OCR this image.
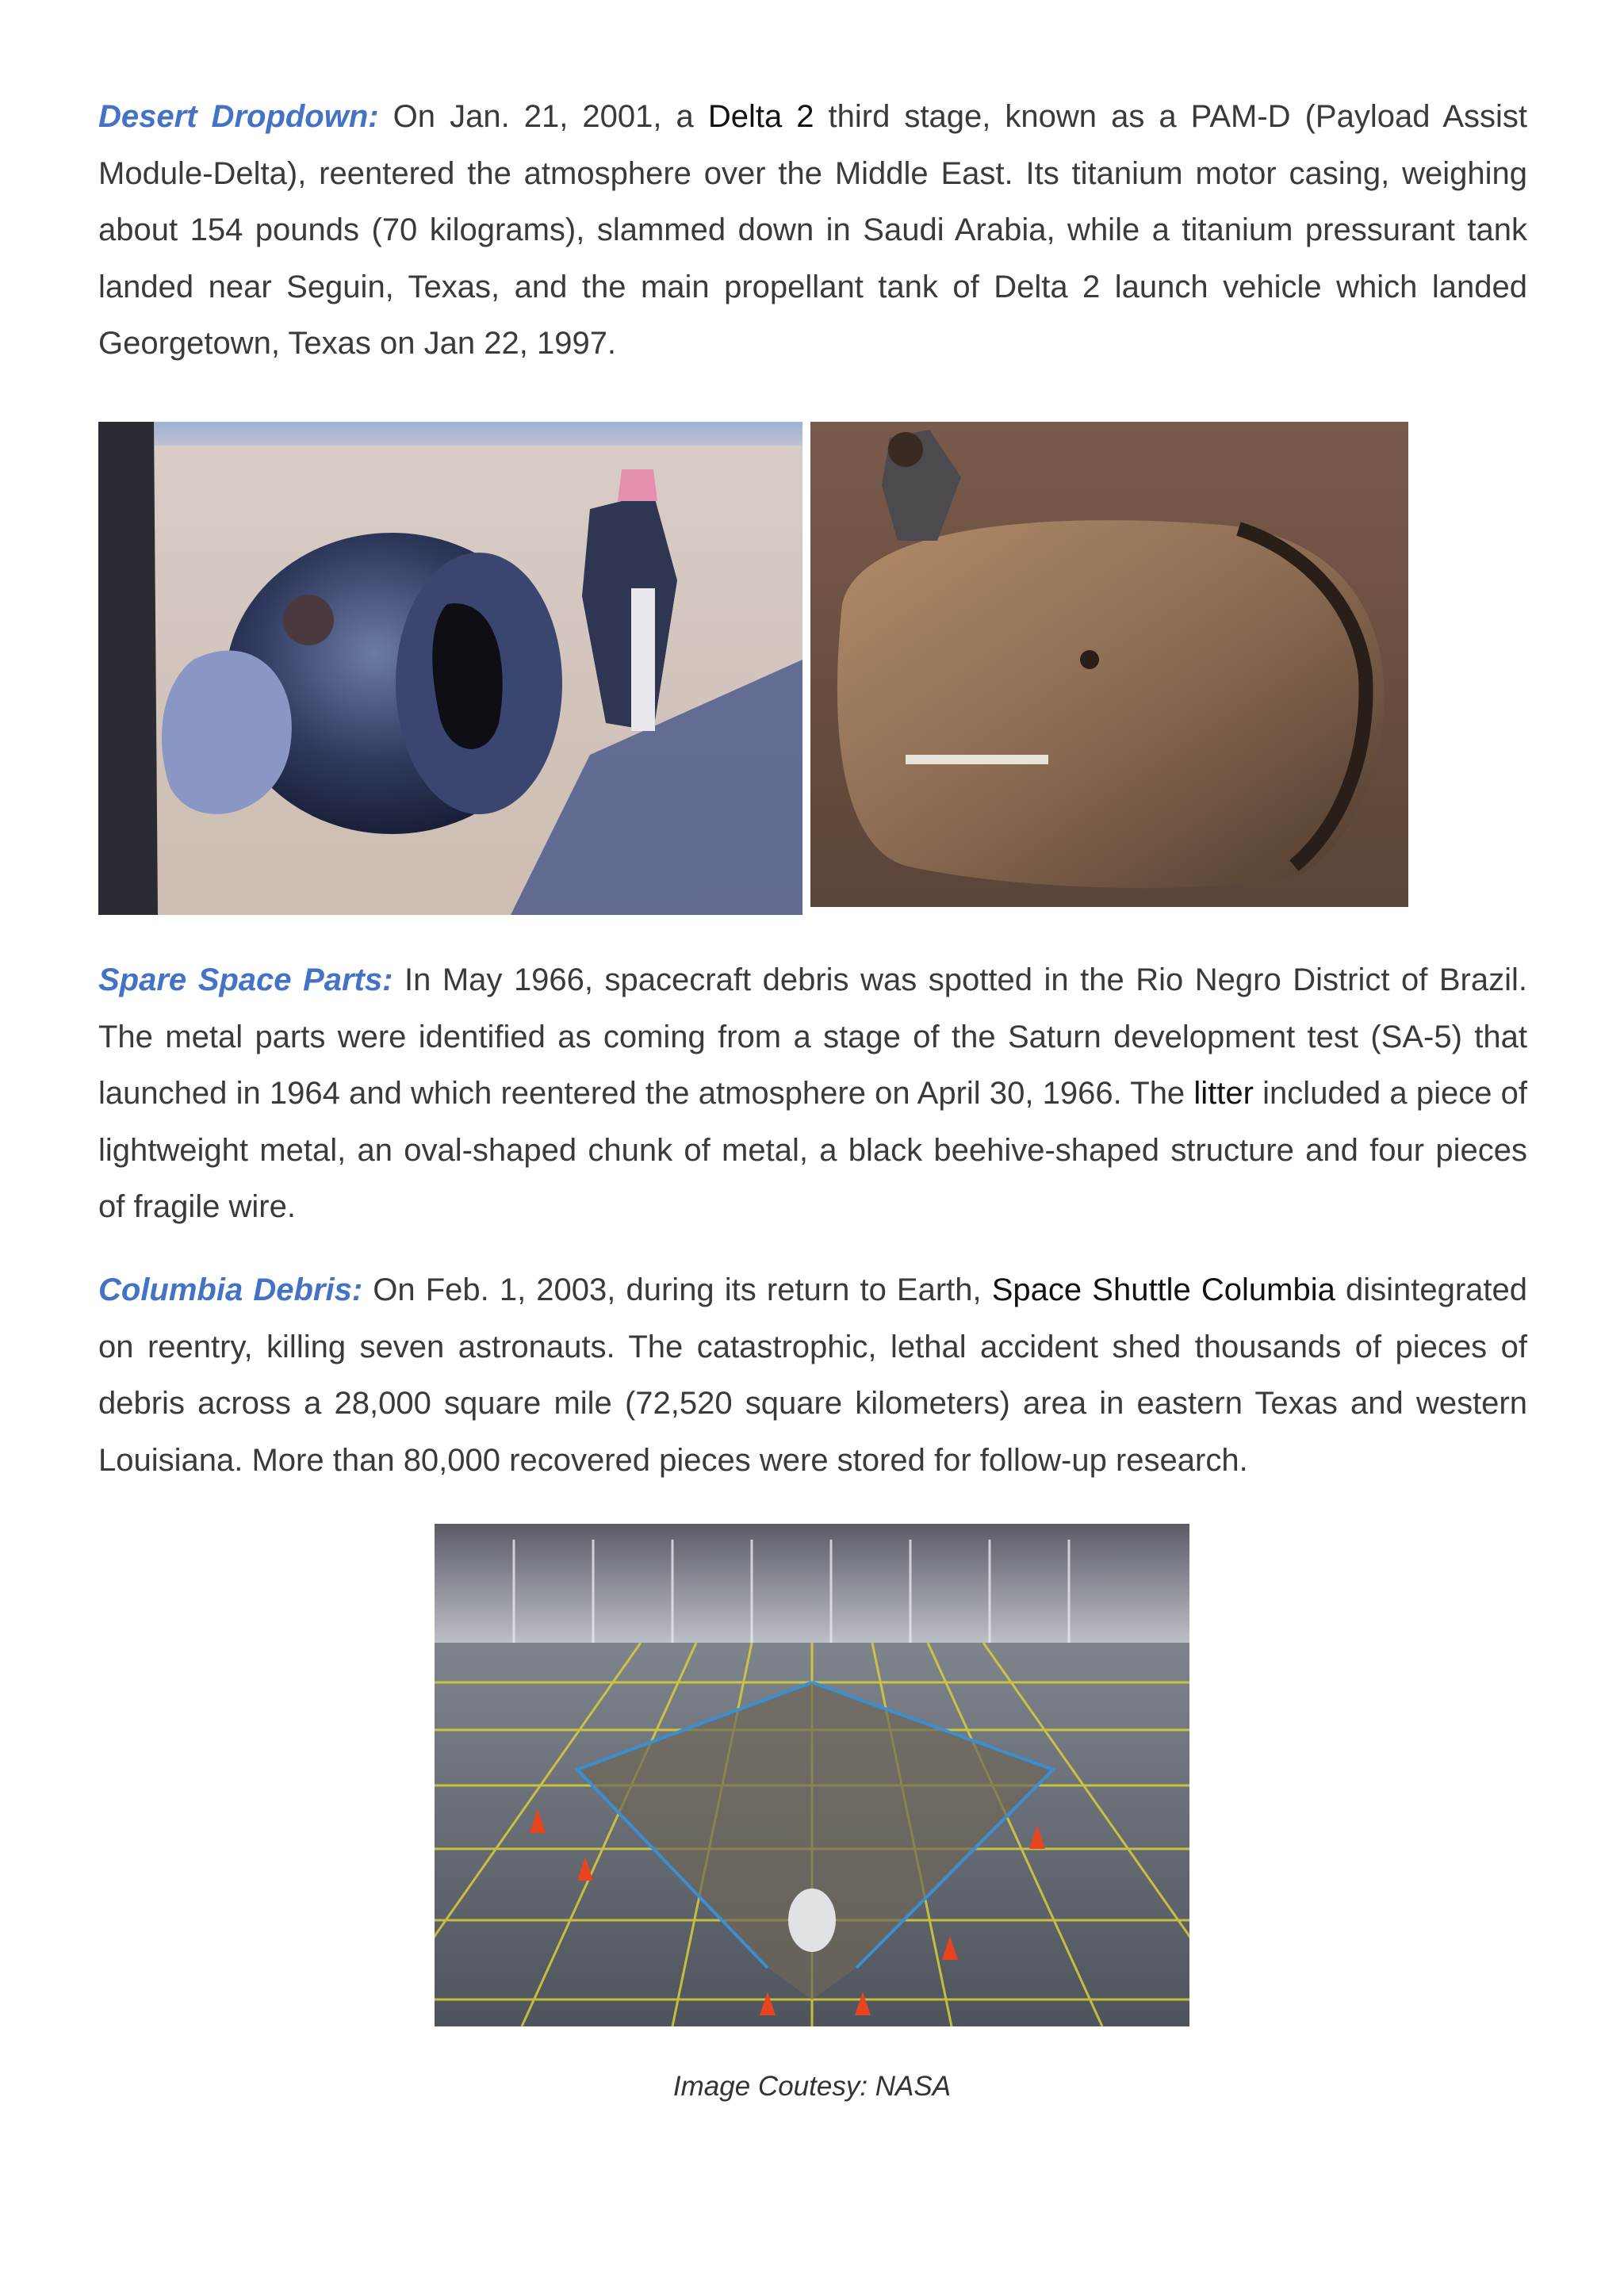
Desert Dropdown: On Jan. 21, 2001, a Delta 2 third stage, known as a PAM-D (Payload Assist Module-Delta), reentered the atmosphere over the Middle East. Its titanium motor casing, weighing about 154 pounds (70 kilograms), slammed down in Saudi Arabia, while a titanium pressurant tank landed near Seguin, Texas, and the main propellant tank of Delta 2 launch vehicle which landed Georgetown, Texas on Jan 22, 1997.

Spare Space Parts: In May 1966, spacecraft debris was spotted in the Rio Negro District of Brazil. The metal parts were identified as coming from a stage of the Saturn development test (SA-5) that launched in 1964 and which reentered the atmosphere on April 30, 1966. The litter included a piece of lightweight metal, an oval-shaped chunk of metal, a black beehive-shaped structure and four pieces of fragile wire.

Columbia Debris: On Feb. 1, 2003, during its return to Earth, Space Shuttle Columbia disintegrated on reentry, killing seven astronauts. The catastrophic, lethal accident shed thousands of pieces of debris across a 28,000 square mile (72,520 square kilometers) area in eastern Texas and western Louisiana. More than 80,000 recovered pieces were stored for follow-up research.

Image Coutesy: NASA
